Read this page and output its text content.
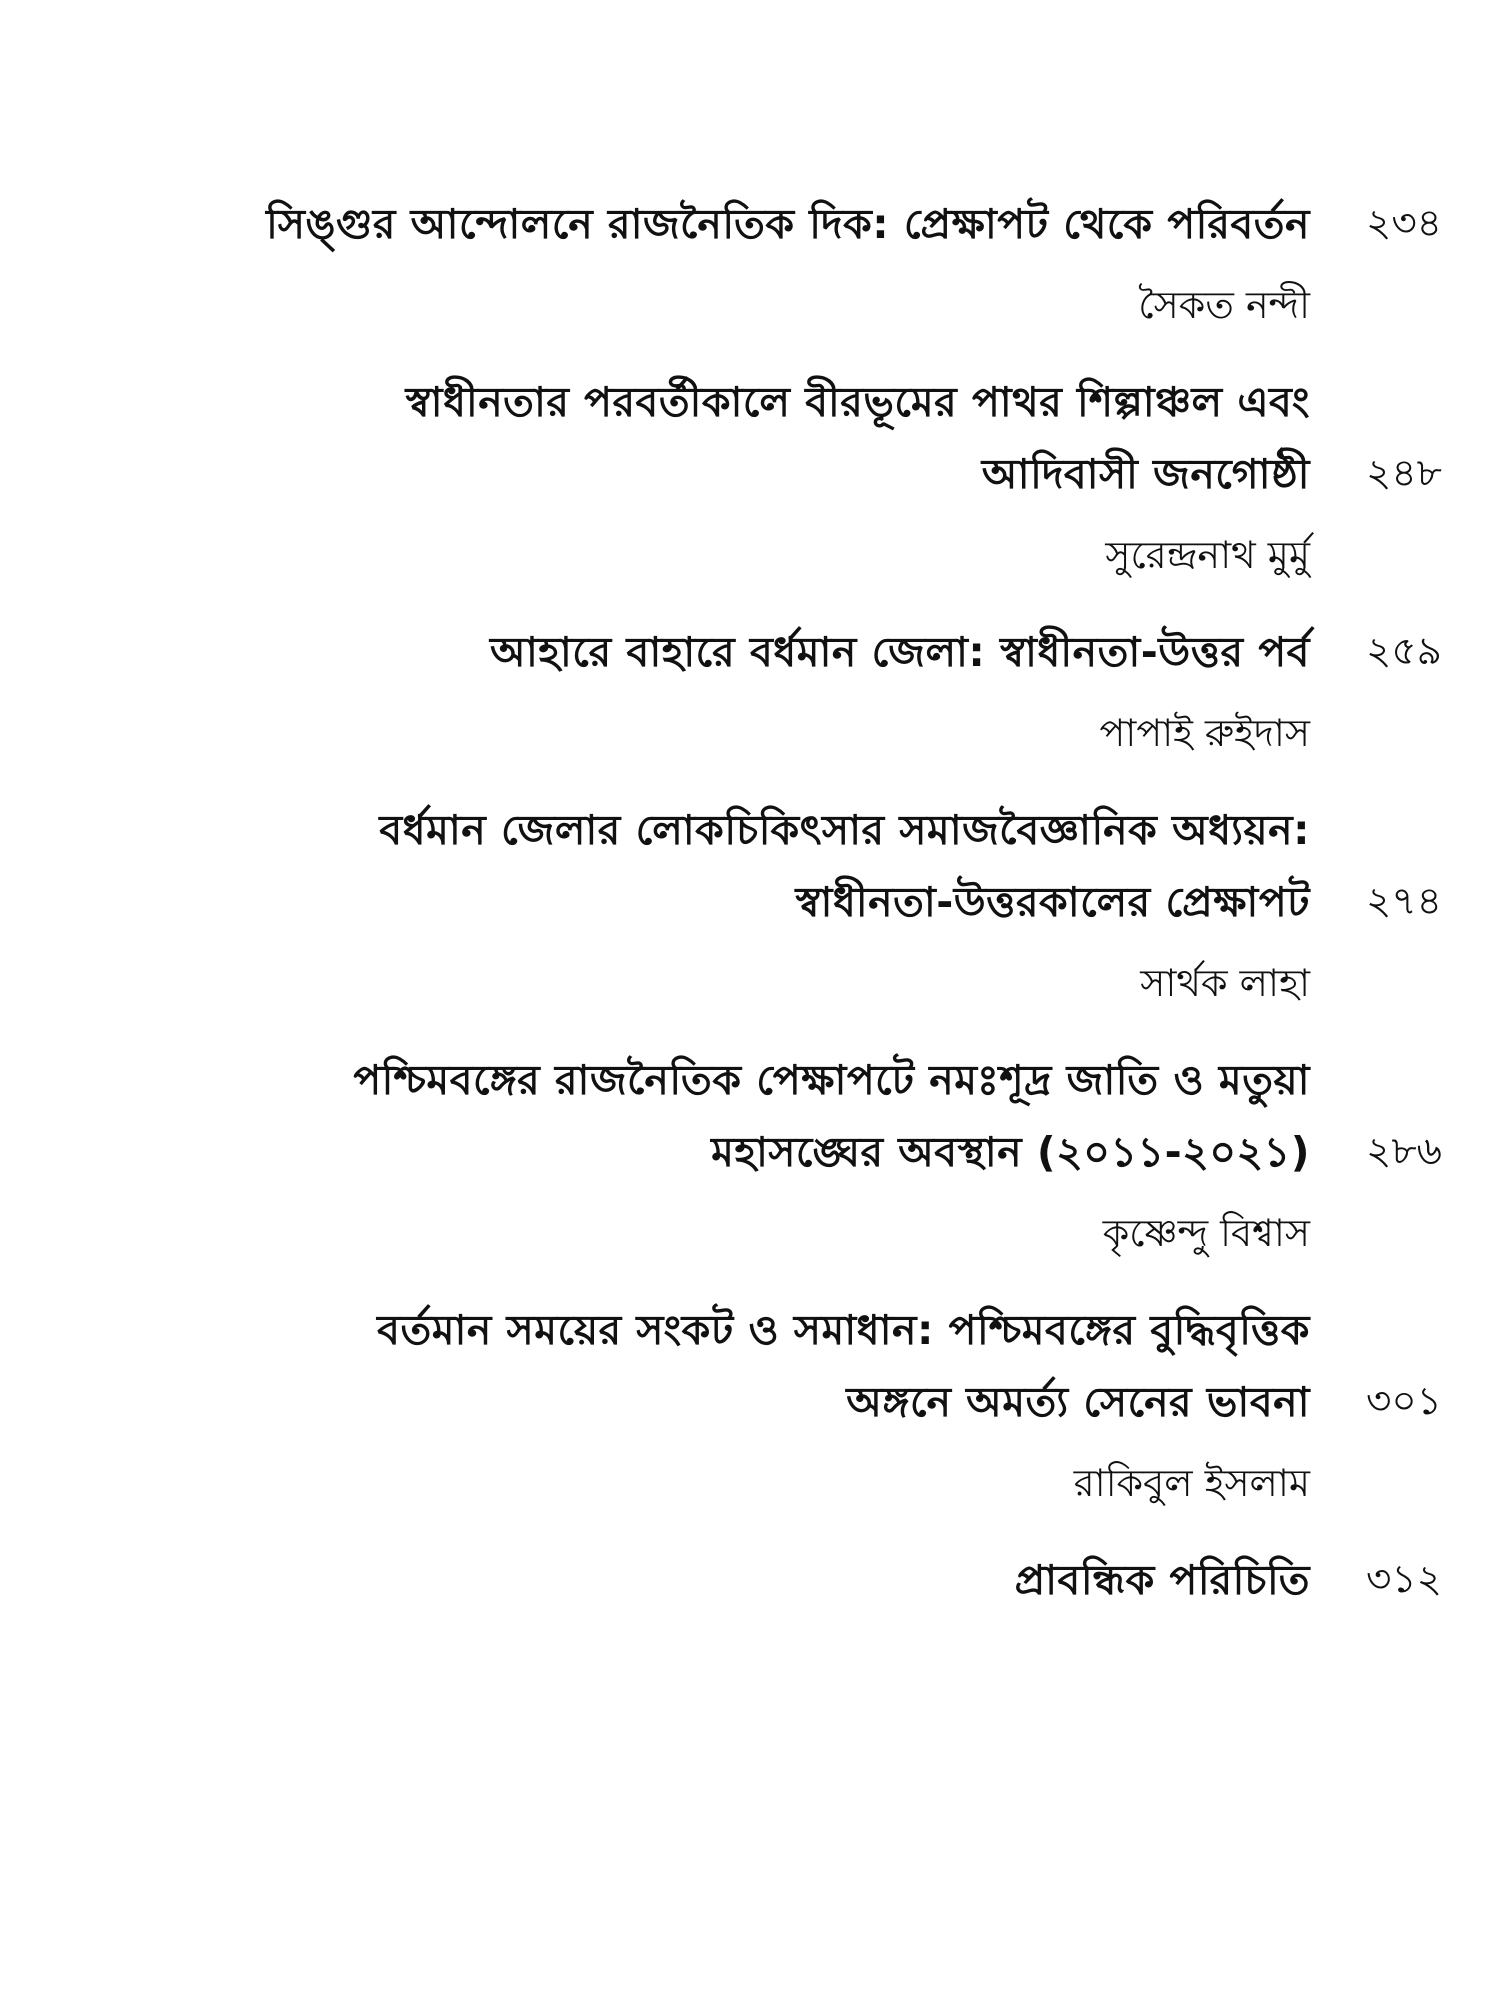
সিঙ্গুর আন্দোলনে রাজনৈতিক দিক: প্রেক্ষাপট থেকে পরিবর্তন	২৩৪
সৈকত নন্দী
স্বাধীনতার পরবর্তীকালে বীরভূমের পাথর শিল্পাঞ্চল এবং
আদিবাসী জনগোষ্ঠী	২৪৮
সুরেন্দ্রনাথ মুর্মু
আহারে বাহারে বর্ধমান জেলা: স্বাধীনতা-উত্তর পর্ব	২৫৯
পাপাই রুইদাস
বর্ধমান জেলার লোকচিকিৎসার সমাজবৈজ্ঞানিক অধ্যয়ন:
স্বাধীনতা-উত্তরকালের প্রেক্ষাপট	২৭৪
সার্থক লাহা
পশ্চিমবঙ্গের রাজনৈতিক পেক্ষাপটে নমঃশূদ্র জাতি ও মতুয়া
মহাসঙ্ঘের অবস্থান (২০১১-২০২১)	২৮৬
কৃষ্ণেন্দু বিশ্বাস
বর্তমান সময়ের সংকট ও সমাধান: পশ্চিমবঙ্গের বুদ্ধিবৃত্তিক
অঙ্গনে অমর্ত্য সেনের ভাবনা	৩০১
রাকিবুল ইসলাম
প্রাবন্ধিক পরিচিতি	৩১২
